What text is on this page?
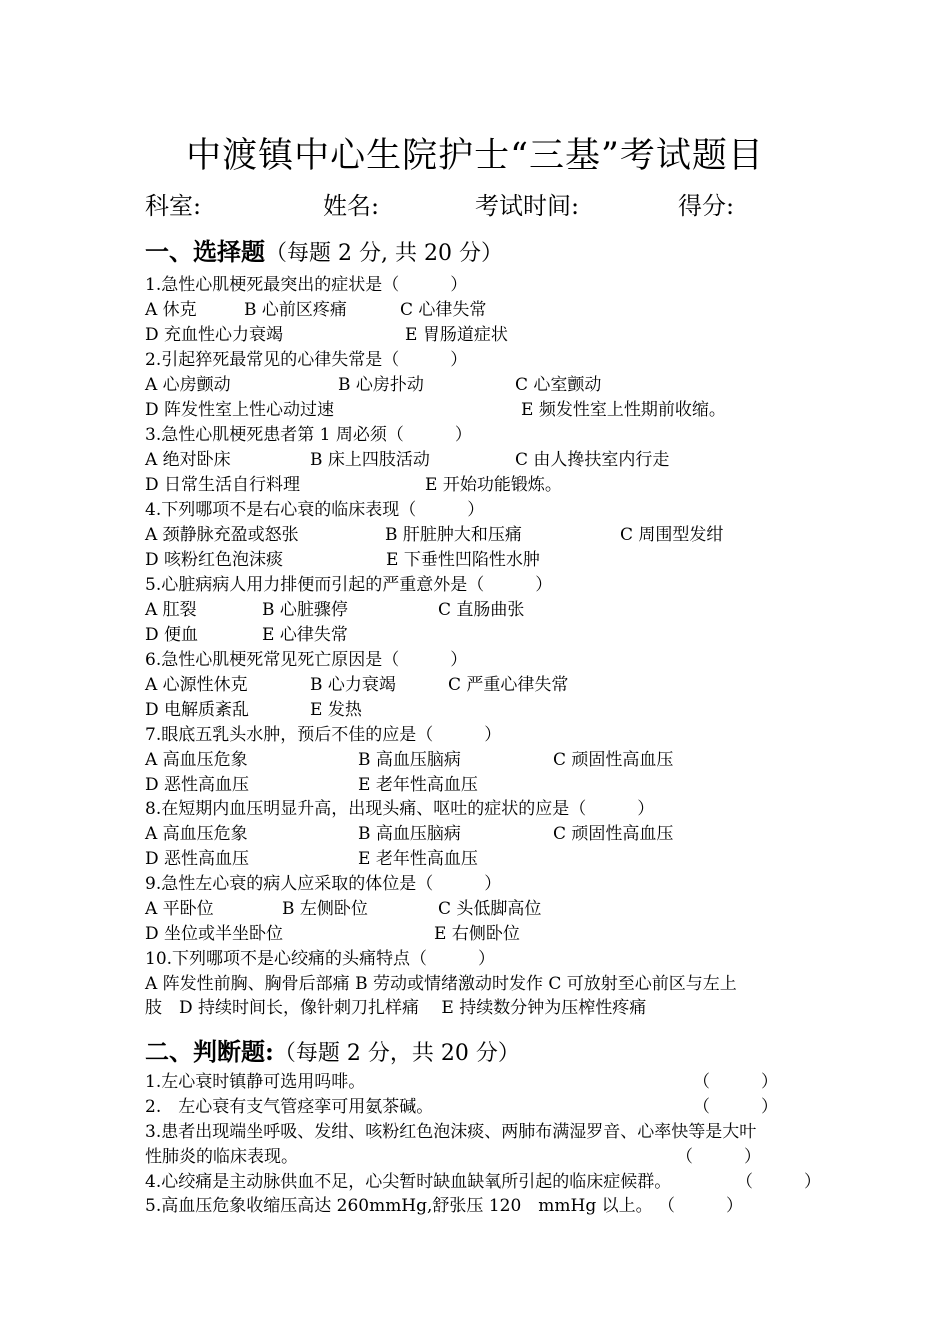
中渡镇中心生院护士“三基”考试题目
科室:	姓名:	考试时间:	得分:
一、选择题（每题 2 分, 共 20 分）
1.急性心肌梗死最突出的症状是（　　　）
A 休克	B 心前区疼痛	C 心律失常
D 充血性心力衰竭	E 胃肠道症状
2.引起猝死最常见的心律失常是（　　　）
A 心房颤动	B 心房扑动	C 心室颤动
D 阵发性室上性心动过速	E 频发性室上性期前收缩。
3.急性心肌梗死患者第 1 周必须（　　　）
A 绝对卧床	B 床上四肢活动	C 由人搀扶室内行走
D 日常生活自行料理	E 开始功能锻炼。
4.下列哪项不是右心衰的临床表现（　　　）
A 颈静脉充盈或怒张	B 肝脏肿大和压痛	C 周围型发绀
D 咳粉红色泡沫痰	E 下垂性凹陷性水肿
5.心脏病病人用力排便而引起的严重意外是（　　　）
A 肛裂	B 心脏骤停	C 直肠曲张
D 便血	E 心律失常
6.急性心肌梗死常见死亡原因是（　　　）
A 心源性休克	B 心力衰竭	C 严重心律失常
D 电解质紊乱	E 发热
7.眼底五乳头水肿，预后不佳的应是（　　　）
A 高血压危象	B 高血压脑病	C 顽固性高血压
D 恶性高血压	E 老年性高血压
8.在短期内血压明显升高，出现头痛、呕吐的症状的应是（　　　）
A 高血压危象	B 高血压脑病	C 顽固性高血压
D 恶性高血压	E 老年性高血压
9.急性左心衰的病人应采取的体位是（　　　）
A 平卧位	B 左侧卧位	C 头低脚高位
D 坐位或半坐卧位	E 右侧卧位
10.下列哪项不是心绞痛的头痛特点（　　　）
A 阵发性前胸、胸骨后部痛 B 劳动或情绪激动时发作 C 可放射至心前区与左上
肢　D 持续时间长，像针刺刀扎样痛　 E 持续数分钟为压榨性疼痛
二、判断题:（每题 2 分，共 20 分）
1.左心衰时镇静可选用吗啡。	（　　　）
2.　左心衰有支气管痉挛可用氨茶碱。	（　　　）
3.患者出现端坐呼吸、发绀、咳粉红色泡沫痰、两肺布满湿罗音、心率快等是大叶
性肺炎的临床表现。	（　　　）
4.心绞痛是主动脉供血不足，心尖暂时缺血缺氧所引起的临床症候群。	（　　　）
5.高血压危象收缩压高达 260mmHg,舒张压 120　mmHg 以上。 （　　　）
